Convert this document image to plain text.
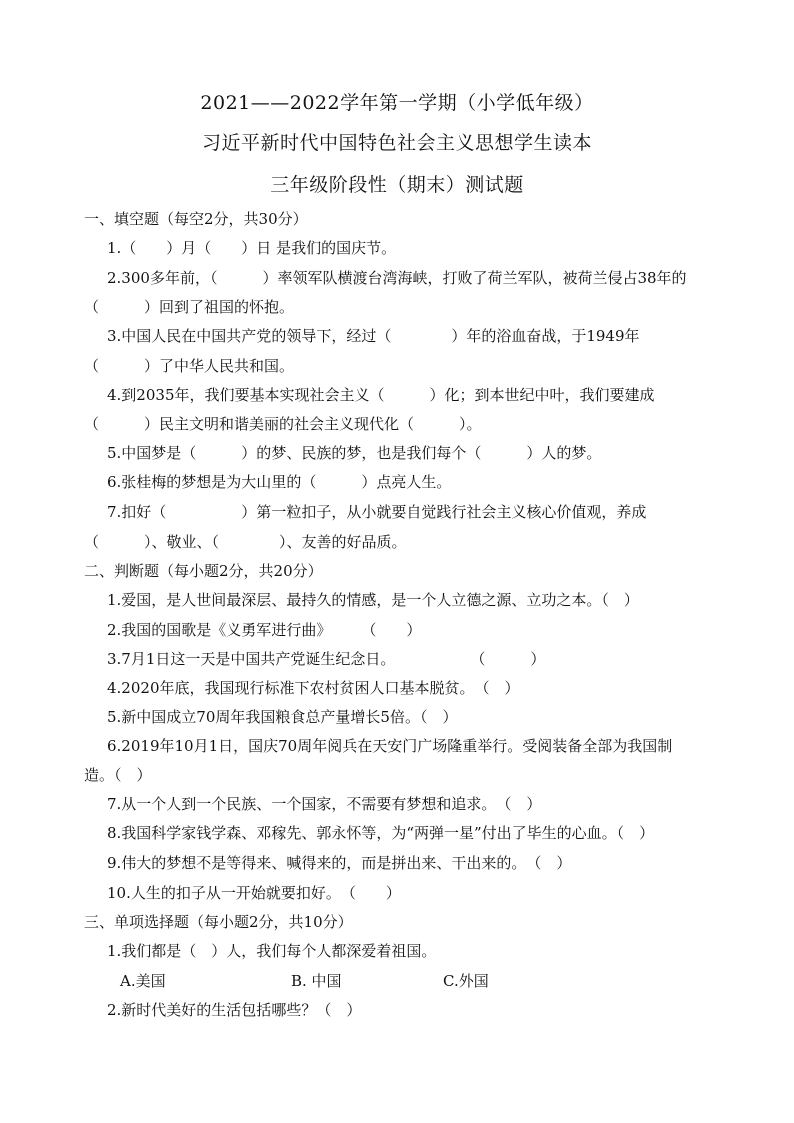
2021——2022学年第一学期（小学低年级）
习近平新时代中国特色社会主义思想学生读本
三年级阶段性（期末）测试题
一、填空题（每空2分，共30分）
1.（　　）月（　　）日 是我们的国庆节。
2.300多年前，（　　　）率领军队横渡台湾海峡，打败了荷兰军队，被荷兰侵占38年的
（　　　）回到了祖国的怀抱。
3.中国人民在中国共产党的领导下，经过（　　　　）年的浴血奋战，于1949年
（　　　）了中华人民共和国。
4.到2035年，我们要基本实现社会主义（　　　）化；到本世纪中叶，我们要建成
（　　　）民主文明和谐美丽的社会主义现代化（　　　）。
5.中国梦是（　　　）的梦、民族的梦，也是我们每个（　　　）人的梦。
6.张桂梅的梦想是为大山里的（　　　）点亮人生。
7.扣好（　　　　　）第一粒扣子，从小就要自觉践行社会主义核心价值观，养成
（　　　）、敬业、（　　　　）、友善的好品质。
二、判断题（每小题2分，共20分）
1.爱国，是人世间最深层、最持久的情感，是一个人立德之源、立功之本。（　）
2.我国的国歌是《义勇军进行曲》　　　（　　）
3.7月1日这一天是中国共产党诞生纪念日。　　　　　　（　　　）
4.2020年底，我国现行标准下农村贫困人口基本脱贫。　（　）
5.新中国成立70周年我国粮食总产量增长5倍。（　）
6.2019年10月1日，国庆70周年阅兵在天安门广场隆重举行。受阅装备全部为我国制
造。（　）
7.从一个人到一个民族、一个国家，不需要有梦想和追求。　（　）
8.我国科学家钱学森、邓稼先、郭永怀等，为“两弹一星”付出了毕生的心血。（　）
9.伟大的梦想不是等得来、喊得来的，而是拼出来、干出来的。　（　）
10.人生的扣子从一开始就要扣好。　（　　）
三、单项选择题（每小题2分，共10分）
1.我们都是（　）人，我们每个人都深爱着祖国。
A.美国	B. 中国	C.外国
2.新时代美好的生活包括哪些？（　）
